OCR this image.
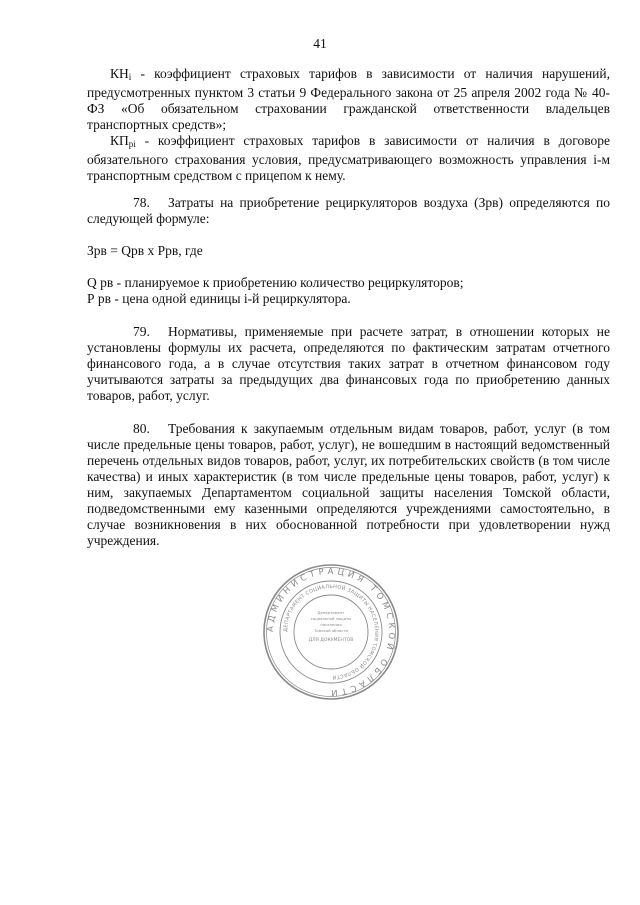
41

$КН_i$ - коэффициент страховых тарифов в зависимости от наличия нарушений, предусмотренных пунктом 3 статьи 9 Федерального закона от 25 апреля 2002 года № 40-ФЗ «Об обязательном страховании гражданской ответственности владельцев транспортных средств»;

$КП_{pi}$ - коэффициент страховых тарифов в зависимости от наличия в договоре обязательного страхования условия, предусматривающего возможность управления i-м транспортным средством с прицепом к нему.

78. Затраты на приобретение рециркуляторов воздуха (Зрв) определяются по следующей формуле:

Зрв = Qрв x Ррв, где

Q рв - планируемое к приобретению количество рециркуляторов;

Р рв - цена одной единицы i-й рециркулятора.

79. Нормативы, применяемые при расчете затрат, в отношении которых не установлены формулы их расчета, определяются по фактическим затратам отчетного финансового года, а в случае отсутствия таких затрат в отчетном финансовом году учитываются затраты за предыдущих два финансовых года по приобретению данных товаров, работ, услуг.

80. Требования к закупаемым отдельным видам товаров, работ, услуг (в том числе предельные цены товаров, работ, услуг), не вошедшим в настоящий ведомственный перечень отдельных видов товаров, работ, услуг, их потребительских свойств (в том числе качества) и иных характеристик (в том числе предельные цены товаров, работ, услуг) к ним, закупаемых Департаментом социальной защиты населения Томской области, подведомственными ему казенными определяются учреждениями самостоятельно, в случае возникновения в них обоснованной потребности при удовлетворении нужд учреждения.

АДМИНИСТРАЦИЯ ТОМСКОЙ ОБЛАСТИ
ДЕПАРТАМЕНТ СОЦИАЛЬНОЙ ЗАЩИТЫ НАСЕЛЕНИЯ ТОМСКОЙ ОБЛАСТИ
Департамент
социальной защиты
населения
Томской области
ДЛЯ ДОКУМЕНТОВ
